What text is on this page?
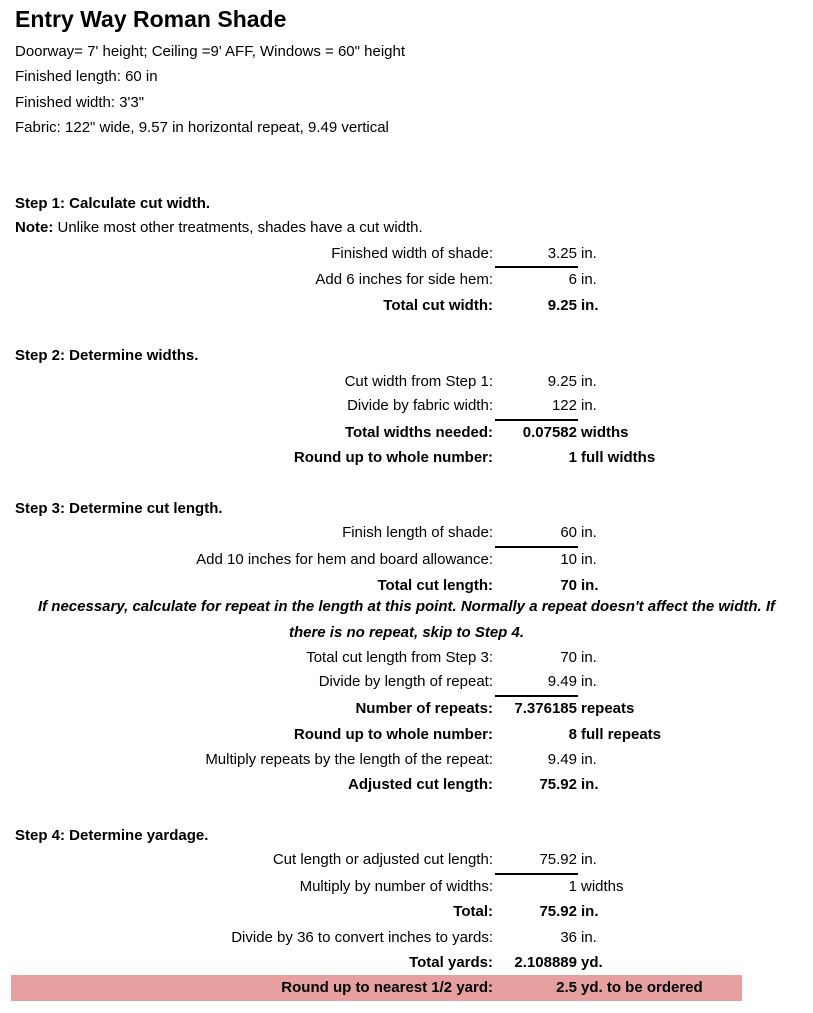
Entry Way Roman Shade
Doorway= 7' height; Ceiling =9' AFF, Windows = 60" height
Finished length: 60 in
Finished width: 3'3"
Fabric: 122" wide, 9.57 in horizontal repeat, 9.49 vertical
Step 1: Calculate cut width.
Note: Unlike most other treatments, shades have a cut width.
Finished width of shade:	3.25 in.
Add 6 inches for side hem:	6 in.
Total cut width:	9.25 in.
Step 2: Determine widths.
Cut width from Step 1:	9.25 in.
Divide by fabric width:	122 in.
Total widths needed:	0.07582 widths
Round up to whole number:	1 full widths
Step 3: Determine cut length.
Finish length of shade:	60 in.
Add 10 inches for hem and board allowance:	10 in.
Total cut length:	70 in.
If necessary, calculate for repeat in the length at this point. Normally a repeat doesn't affect the width. If
there is no repeat, skip to Step 4.
Total cut length from Step 3:	70 in.
Divide by length of repeat:	9.49 in.
Number of repeats:	7.376185 repeats
Round up to whole number:	8 full repeats
Multiply repeats by the length of the repeat:	9.49 in.
Adjusted cut length:	75.92 in.
Step 4: Determine yardage.
Cut length or adjusted cut length:	75.92 in.
Multiply by number of widths:	1 widths
Total:	75.92 in.
Divide by 36 to convert inches to yards:	36 in.
Total yards:	2.108889 yd.
Round up to nearest 1/2 yard:	2.5 yd. to be ordered
